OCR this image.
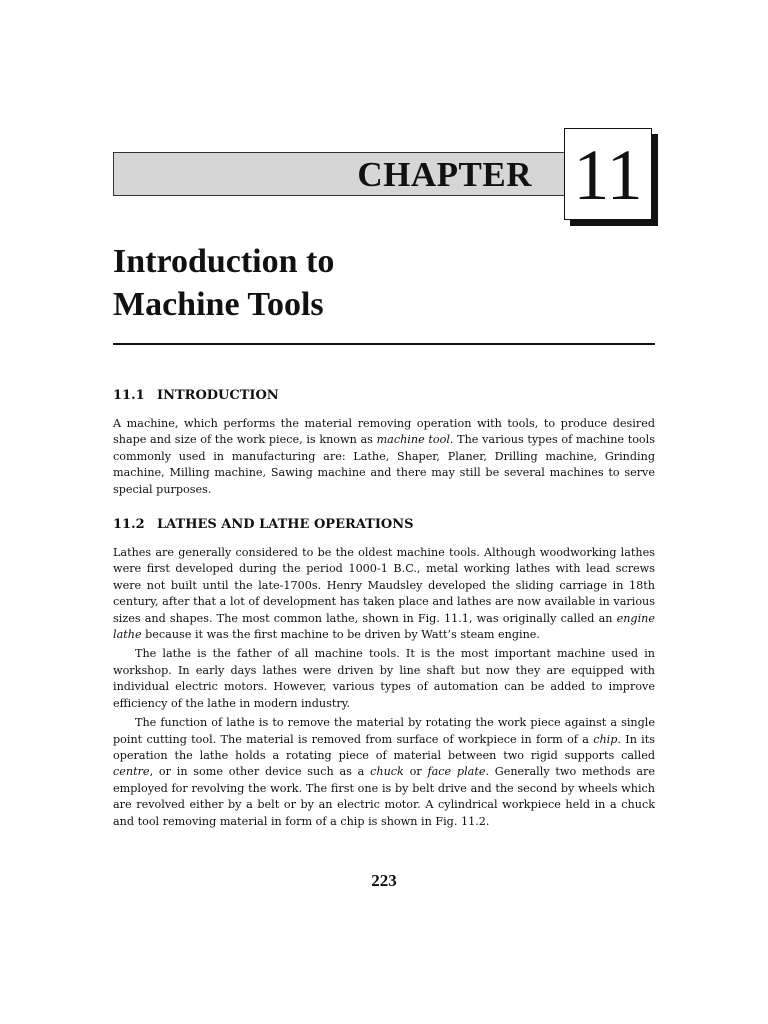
CHAPTER 11
Introduction to
Machine Tools
11.1 INTRODUCTION

A machine, which performs the material removing operation with tools, to produce desired shape and size of the work piece, is known as machine tool. The various types of machine tools commonly used in manufacturing are: Lathe, Shaper, Planer, Drilling machine, Grinding machine, Milling machine, Sawing machine and there may still be several machines to serve special purposes.

11.2 LATHES AND LATHE OPERATIONS

Lathes are generally considered to be the oldest machine tools. Although woodworking lathes were first developed during the period 1000-1 B.C., metal working lathes with lead screws were not built until the late-1700s. Henry Maudsley developed the sliding carriage in 18th century, after that a lot of development has taken place and lathes are now available in various sizes and shapes. The most common lathe, shown in Fig. 11.1, was originally called an engine lathe because it was the first machine to be driven by Watt’s steam engine.

The lathe is the father of all machine tools. It is the most important machine used in workshop. In early days lathes were driven by line shaft but now they are equipped with individual electric motors. However, various types of automation can be added to improve efficiency of the lathe in modern industry.

The function of lathe is to remove the material by rotating the work piece against a single point cutting tool. The material is removed from surface of workpiece in form of a chip. In its operation the lathe holds a rotating piece of material between two rigid supports called centre, or in some other device such as a chuck or face plate. Generally two methods are employed for revolving the work. The first one is by belt drive and the second by wheels which are revolved either by a belt or by an electric motor. A cylindrical workpiece held in a chuck and tool removing material in form of a chip is shown in Fig. 11.2.

223
